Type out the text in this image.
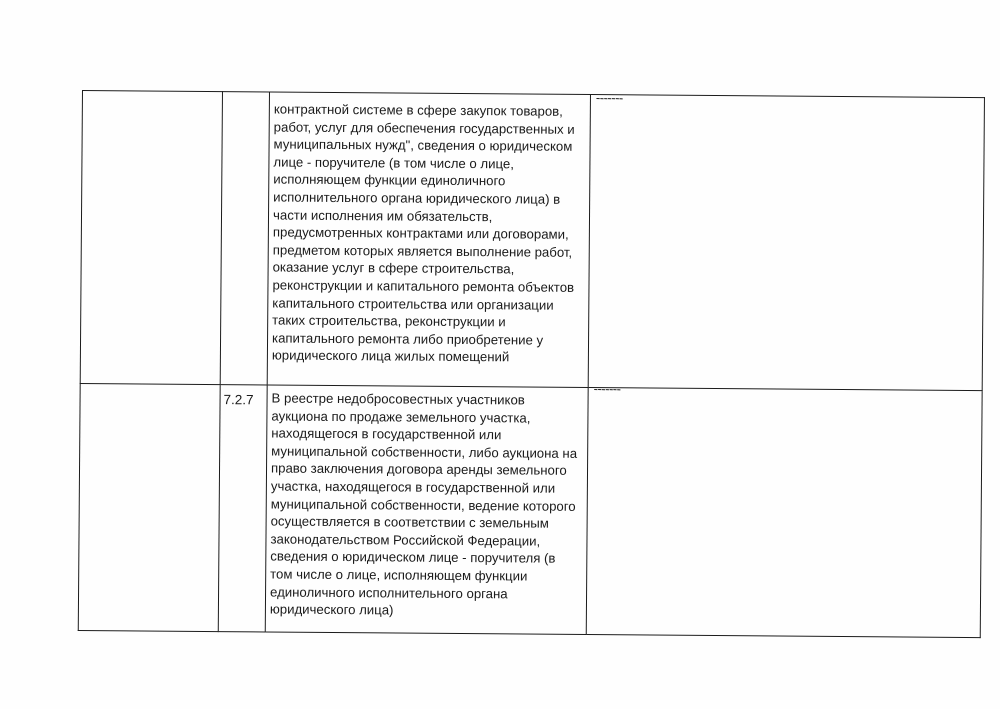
		контрактной системе в сфере закупок товаров, работ, услуг для обеспечения государственных и муниципальных нужд", сведения о юридическом лице - поручителе (в том числе о лице, исполняющем функции единоличного исполнительного органа юридического лица) в части исполнения им обязательств, предусмотренных контрактами или договорами, предметом которых является выполнение работ, оказание услуг в сфере строительства, реконструкции и капитального ремонта объектов капитального строительства или организации таких строительства, реконструкции и капитального ремонта либо приобретение у юридического лица жилых помещений	-------

	7.2.7	В реестре недобросовестных участников аукциона по продаже земельного участка, находящегося в государственной или муниципальной собственности, либо аукциона на право заключения договора аренды земельного участка, находящегося в государственной или муниципальной собственности, ведение которого осуществляется в соответствии с земельным законодательством Российской Федерации, сведения о юридическом лице - поручителя (в том числе о лице, исполняющем функции единоличного исполнительного органа юридического лица)	-------
